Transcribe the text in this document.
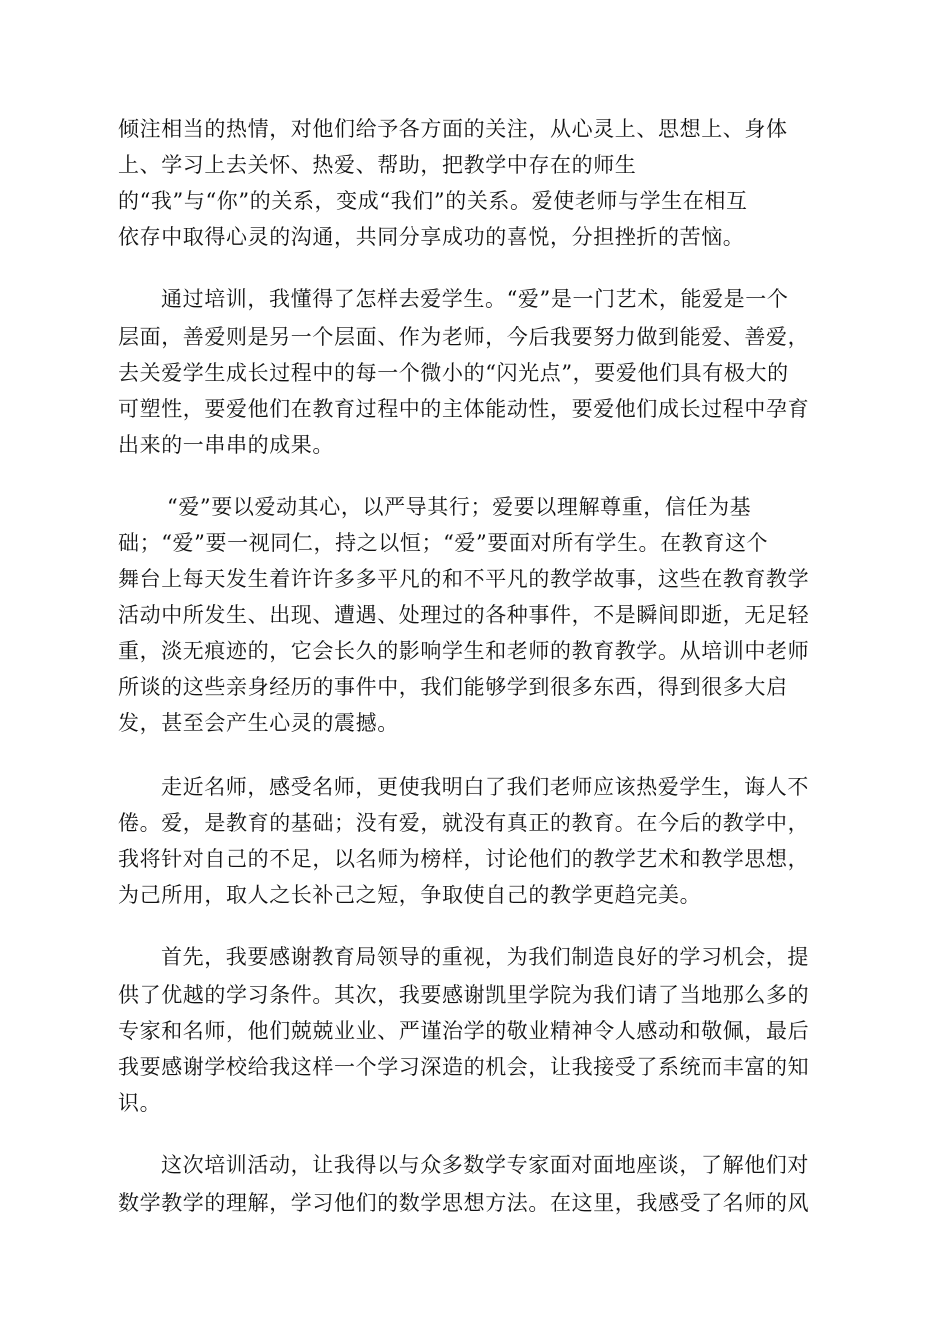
倾注相当的热情，对他们给予各方面的关注，从心灵上、思想上、身体

上、学习上去关怀、热爱、帮助，把教学中存在的师生

的“我”与“你”的关系，变成“我们”的关系。爱使老师与学生在相互

依存中取得心灵的沟通，共同分享成功的喜悦，分担挫折的苦恼。

通过培训，我懂得了怎样去爱学生。“爱”是一门艺术，能爱是一个

层面，善爱则是另一个层面、作为老师，今后我要努力做到能爱、善爱，

去关爱学生成长过程中的每一个微小的“闪光点”，要爱他们具有极大的

可塑性，要爱他们在教育过程中的主体能动性，要爱他们成长过程中孕育

出来的一串串的成果。

“爱”要以爱动其心，以严导其行；爱要以理解尊重，信任为基

础；“爱”要一视同仁，持之以恒；“爱”要面对所有学生。在教育这个

舞台上每天发生着许许多多平凡的和不平凡的教学故事，这些在教育教学

活动中所发生、出现、遭遇、处理过的各种事件，不是瞬间即逝，无足轻

重，淡无痕迹的，它会长久的影响学生和老师的教育教学。从培训中老师

所谈的这些亲身经历的事件中，我们能够学到很多东西，得到很多大启

发，甚至会产生心灵的震撼。

走近名师，感受名师，更使我明白了我们老师应该热爱学生，诲人不

倦。爱，是教育的基础；没有爱，就没有真正的教育。在今后的教学中，

我将针对自己的不足，以名师为榜样，讨论他们的教学艺术和教学思想，

为己所用，取人之长补己之短，争取使自己的教学更趋完美。

首先，我要感谢教育局领导的重视，为我们制造良好的学习机会，提

供了优越的学习条件。其次，我要感谢凯里学院为我们请了当地那么多的

专家和名师，他们兢兢业业、严谨治学的敬业精神令人感动和敬佩，最后

我要感谢学校给我这样一个学习深造的机会，让我接受了系统而丰富的知

识。

这次培训活动，让我得以与众多数学专家面对面地座谈，了解他们对

数学教学的理解，学习他们的数学思想方法。在这里，我感受了名师的风
